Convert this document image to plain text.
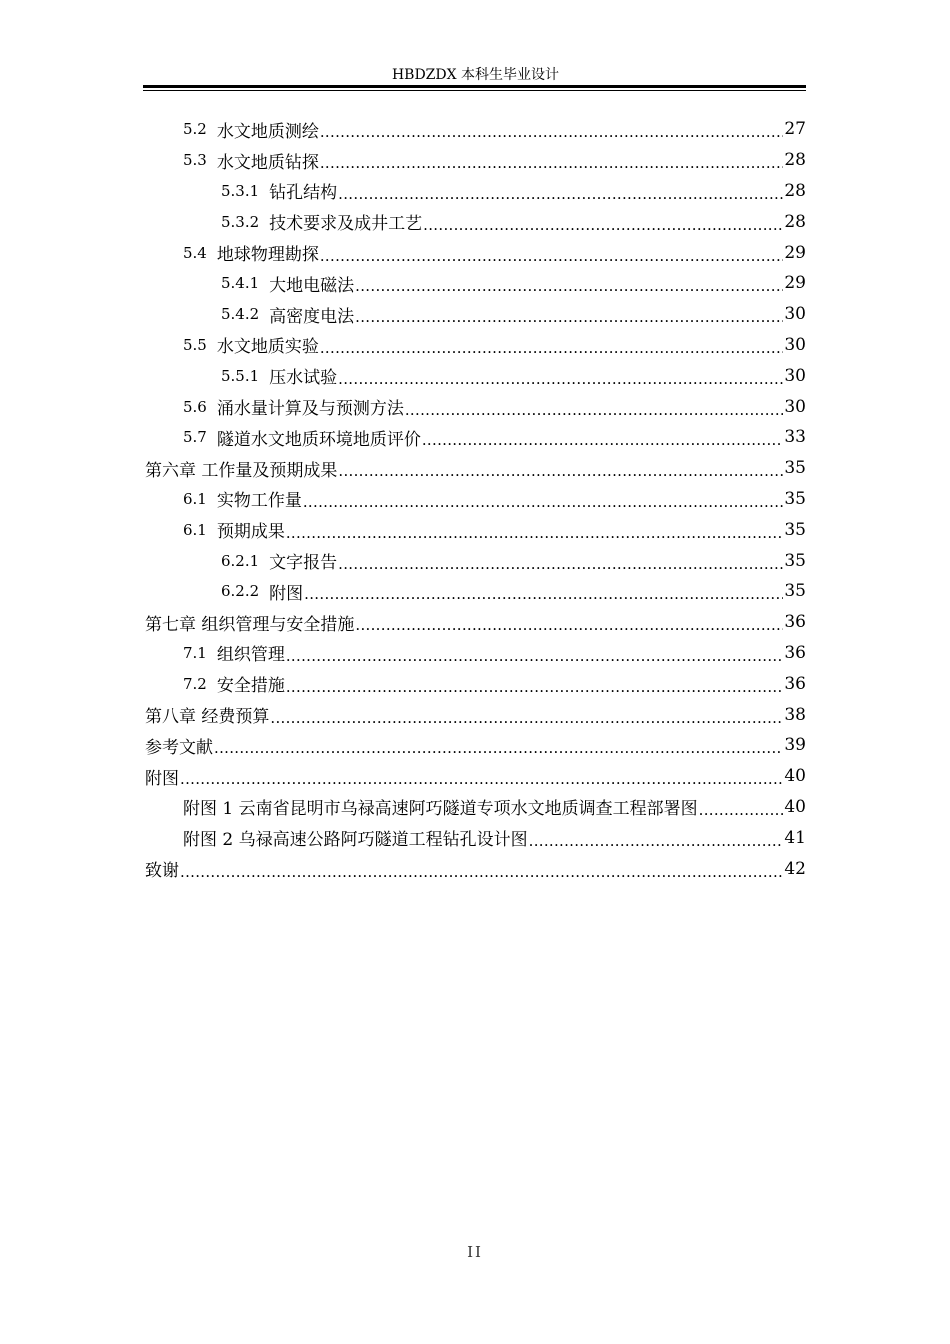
HBDZDX 本科生毕业设计
5.2 水文地质测绘 .....	27
5.3 水文地质钻探 .....	28
5.3.1 钻孔结构 .....	28
5.3.2 技术要求及成井工艺 .....	28
5.4 地球物理勘探 .....	29
5.4.1 大地电磁法 .....	29
5.4.2 高密度电法 .....	30
5.5 水文地质实验 .....	30
5.5.1 压水试验 .....	30
5.6 涌水量计算及与预测方法 .....	30
5.7 隧道水文地质环境地质评价 .....	33
第六章 工作量及预期成果 .....	35
6.1 实物工作量 .....	35
6.1 预期成果 .....	35
6.2.1 文字报告 .....	35
6.2.2 附图 .....	35
第七章 组织管理与安全措施 .....	36
7.1 组织管理 .....	36
7.2 安全措施 .....	36
第八章 经费预算 .....	38
参考文献 .....	39
附图 .....	40
附图 1 云南省昆明市乌禄高速阿巧隧道专项水文地质调查工程部署图 .....	40
附图 2 乌禄高速公路阿巧隧道工程钻孔设计图 .....	41
致谢 .....	42
II
